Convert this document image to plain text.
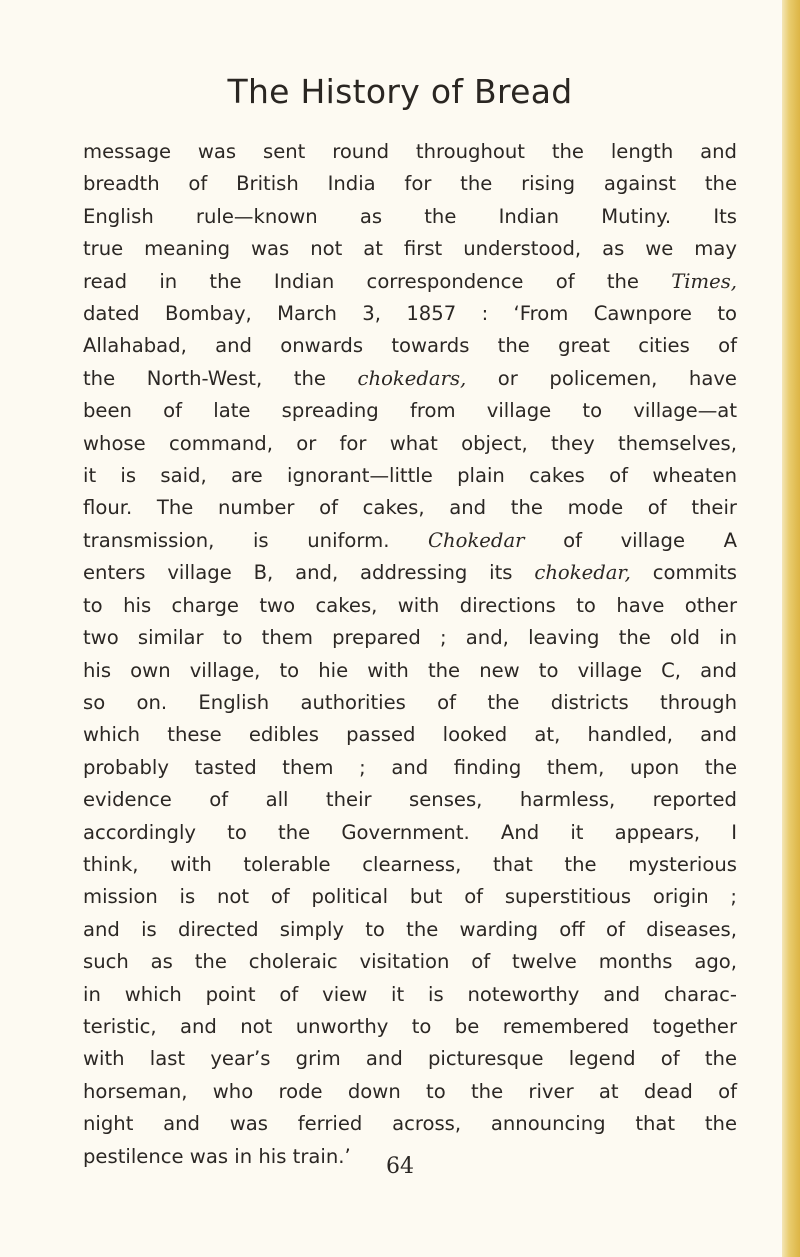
The History of Bread
message was sent round throughout the length and
breadth of British India for the rising against the
English rule—known as the Indian Mutiny. Its
true meaning was not at first understood, as we may
read in the Indian correspondence of the Times,
dated Bombay, March 3, 1857 : ‘From Cawnpore to
Allahabad, and onwards towards the great cities of
the North-West, the chokedars, or policemen, have
been of late spreading from village to village—at
whose command, or for what object, they themselves,
it is said, are ignorant—little plain cakes of wheaten
flour. The number of cakes, and the mode of their
transmission, is uniform. Chokedar of village A
enters village B, and, addressing its chokedar, commits
to his charge two cakes, with directions to have other
two similar to them prepared ; and, leaving the old in
his own village, to hie with the new to village C, and
so on. English authorities of the districts through
which these edibles passed looked at, handled, and
probably tasted them ; and finding them, upon the
evidence of all their senses, harmless, reported
accordingly to the Government. And it appears, I
think, with tolerable clearness, that the mysterious
mission is not of political but of superstitious origin ;
and is directed simply to the warding off of diseases,
such as the choleraic visitation of twelve months ago,
in which point of view it is noteworthy and charac-
teristic, and not unworthy to be remembered together
with last year’s grim and picturesque legend of the
horseman, who rode down to the river at dead of
night and was ferried across, announcing that the
pestilence was in his train.’	64
